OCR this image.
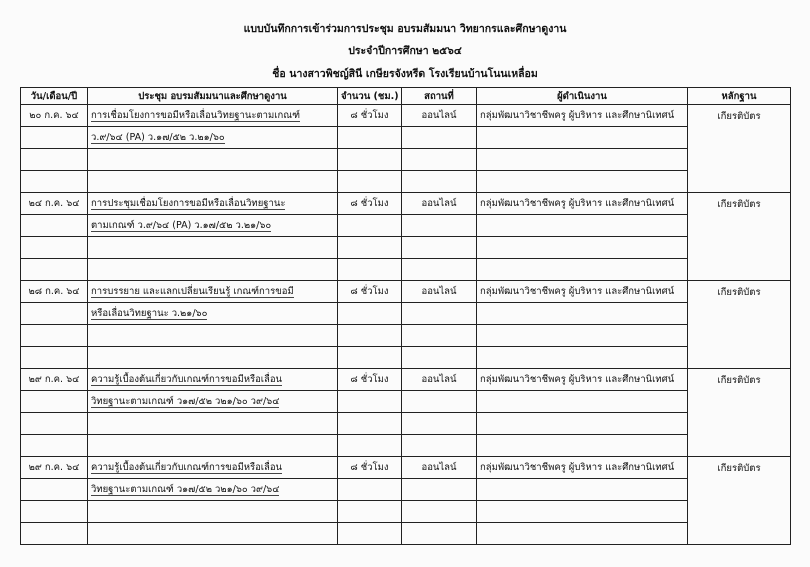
แบบบันทึกการเข้าร่วมการประชุม อบรมสัมมนา วิทยากรและศึกษาดูงาน
ประจำปีการศึกษา ๒๕๖๔
ชื่อ นางสาวพิชญ์สินี เกษียรจังหรีด โรงเรียนบ้านโนนเหลื่อม
วัน/เดือน/ปี	ประชุม อบรมสัมมนาและศึกษาดูงาน	จำนวน (ชม.)	สถานที่	ผู้ดำเนินงาน	หลักฐาน
๒๐ ก.ค. ๖๔	การเชื่อมโยงการขอมีหรือเลื่อนวิทยฐานะตามเกณฑ์	๘ ชั่วโมง	ออนไลน์	กลุ่มพัฒนาวิชาชีพครู ผู้บริหาร และศึกษานิเทศน์	เกียรติบัตร
	ว.๙/๖๔ (PA) ว.๑๗/๕๒ ว.๒๑/๖๐				

๒๔ ก.ค. ๖๔	การประชุมเชื่อมโยงการขอมีหรือเลื่อนวิทยฐานะ	๘ ชั่วโมง	ออนไลน์	กลุ่มพัฒนาวิชาชีพครู ผู้บริหาร และศึกษานิเทศน์	เกียรติบัตร
	ตามเกณฑ์ ว.๙/๖๔ (PA) ว.๑๗/๕๒ ว.๒๑/๖๐				

๒๘ ก.ค. ๖๔	การบรรยาย และแลกเปลี่ยนเรียนรู้ เกณฑ์การขอมี	๘ ชั่วโมง	ออนไลน์	กลุ่มพัฒนาวิชาชีพครู ผู้บริหาร และศึกษานิเทศน์	เกียรติบัตร
	หรือเลื่อนวิทยฐานะ ว.๒๑/๖๐				

๒๙ ก.ค. ๖๔	ความรู้เบื้องต้นเกี่ยวกับเกณฑ์การขอมีหรือเลื่อน	๘ ชั่วโมง	ออนไลน์	กลุ่มพัฒนาวิชาชีพครู ผู้บริหาร และศึกษานิเทศน์	เกียรติบัตร
	วิทยฐานะตามเกณฑ์ ว๑๗/๕๒ ว๒๑/๖๐ ว๙/๖๔				

๒๙ ก.ค. ๖๔	ความรู้เบื้องต้นเกี่ยวกับเกณฑ์การขอมีหรือเลื่อน	๘ ชั่วโมง	ออนไลน์	กลุ่มพัฒนาวิชาชีพครู ผู้บริหาร และศึกษานิเทศน์	เกียรติบัตร
	วิทยฐานะตามเกณฑ์ ว๑๗/๕๒ ว๒๑/๖๐ ว๙/๖๔				
